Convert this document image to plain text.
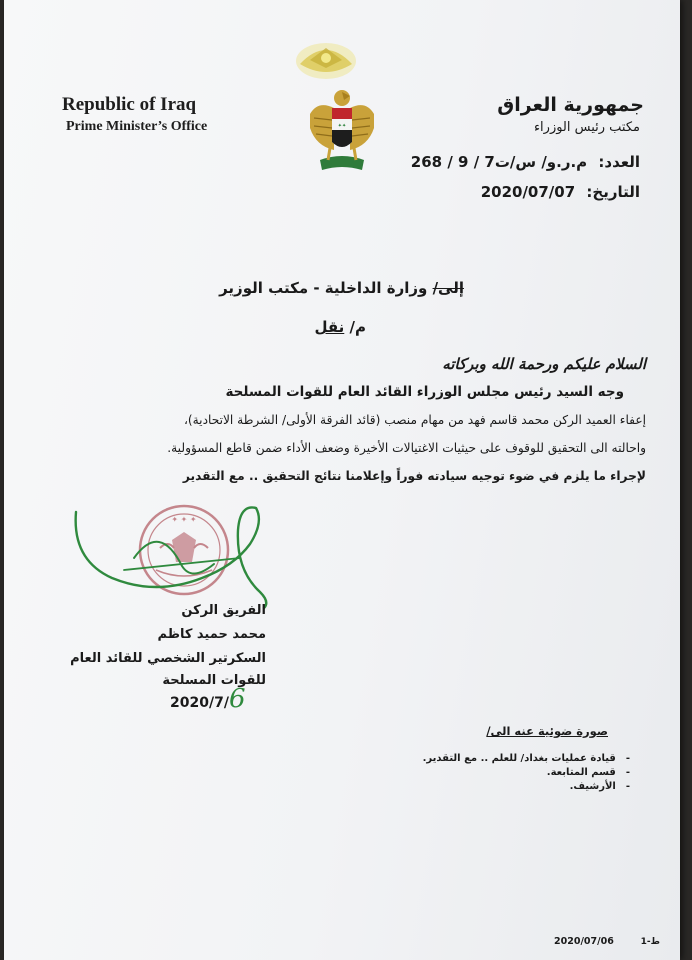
Republic of Iraq
Prime Minister’s Office	✦✦
جمهورية العراق
مكتب رئيس الوزراء
العدد: م.ر.و/ س/ت7 / 9 / 268
التاريخ: 2020/07/07
إلى/ وزارة الداخلية - مكتب الوزير
م/ نقل
السلام عليكم ورحمة الله وبركاته
وجه السيد رئيس مجلس الوزراء القائد العام للقوات المسلحة
إعفاء العميد الركن محمد قاسم فهد من مهام منصب (قائد الفرقة الأولى/ الشرطة الاتحادية)،
واحالته الى التحقيق للوقوف على حيثيات الاغتيالات الأخيرة وضعف الأداء ضمن قاطع المسؤولية.
لإجراء ما يلزم في ضوء توجيه سيادته فوراً وإعلامنا نتائج التحقيق .. مع التقدير
✦ ✦ ✦
الفريق الركن
محمد حميد كاظم
السكرتير الشخصي للقائد العام
للقوات المسلحة
2020/7/6
صورة ضوئية عنه الى/
-قيادة عمليات بغداد/ للعلم .. مع التقدير.
-قسم المتابعة.
-الأرشيف.
2020/07/06	ط-1
